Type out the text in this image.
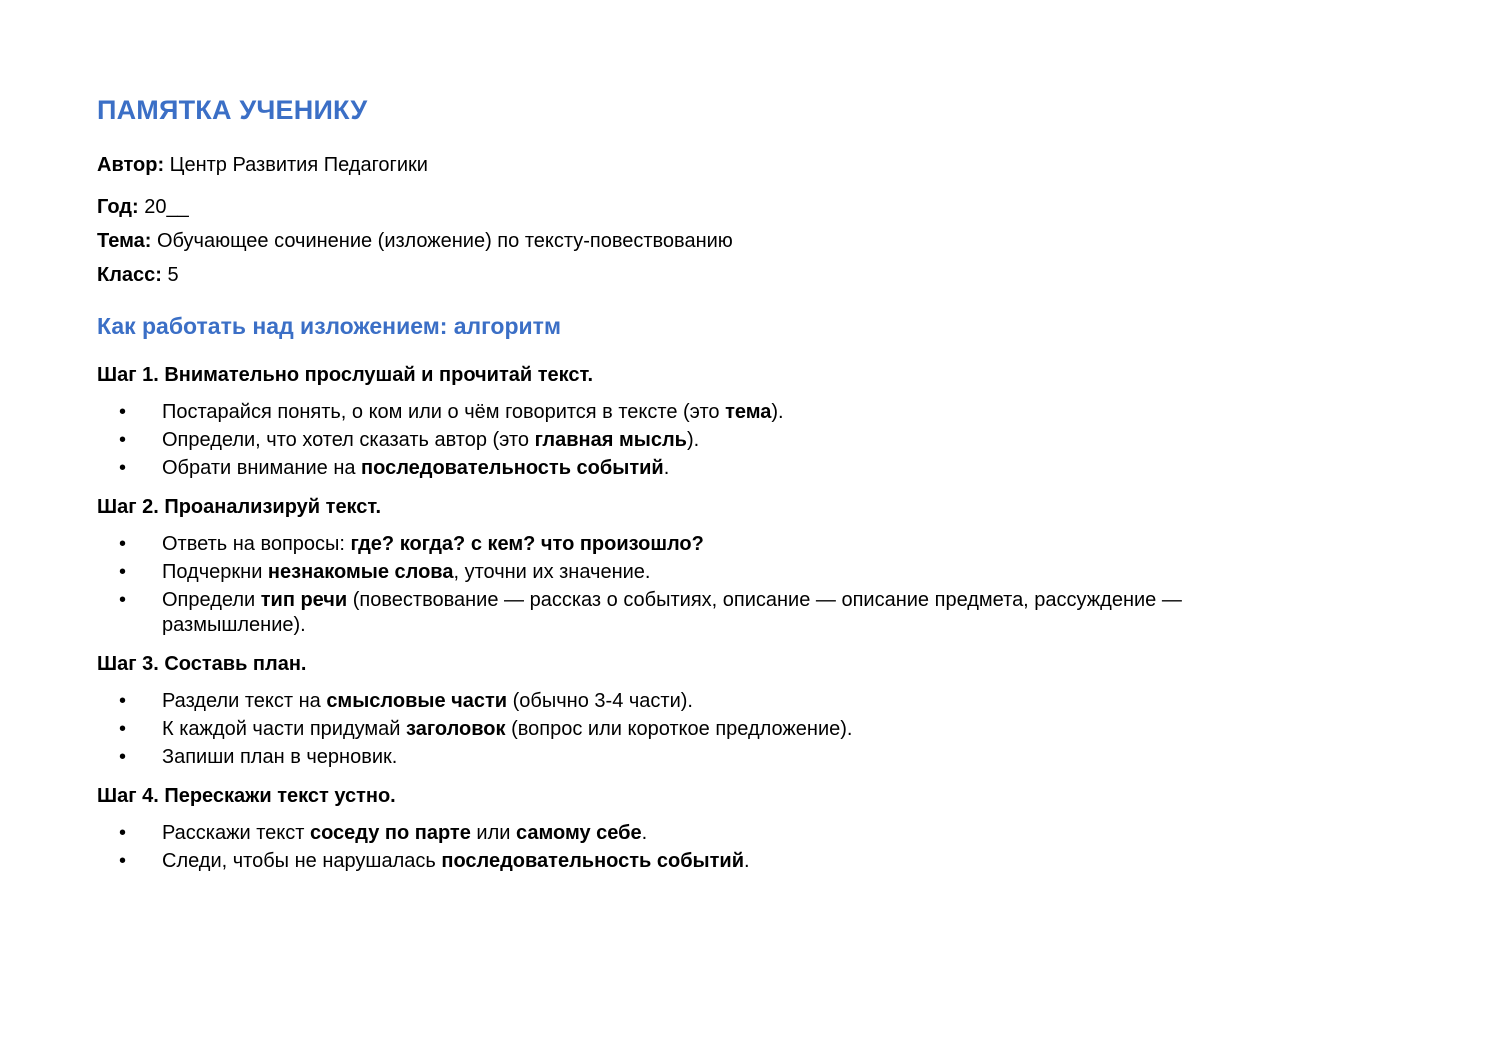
ПАМЯТКА УЧЕНИКУ

Автор: Центр Развития Педагогики

Год: 20__

Тема: Обучающее сочинение (изложение) по тексту-повествованию

Класс: 5

Как работать над изложением: алгоритм

Шаг 1. Внимательно прослушай и прочитай текст.

• Постарайся понять, о ком или о чём говорится в тексте (это тема).
• Определи, что хотел сказать автор (это главная мысль).
• Обрати внимание на последовательность событий.

Шаг 2. Проанализируй текст.

• Ответь на вопросы: где? когда? с кем? что произошло?
• Подчеркни незнакомые слова, уточни их значение.
• Определи тип речи (повествование — рассказ о событиях, описание — описание предмета, рассуждение — размышление).

Шаг 3. Составь план.

• Раздели текст на смысловые части (обычно 3-4 части).
• К каждой части придумай заголовок (вопрос или короткое предложение).
• Запиши план в черновик.

Шаг 4. Перескажи текст устно.

• Расскажи текст соседу по парте или самому себе.
• Следи, чтобы не нарушалась последовательность событий.
